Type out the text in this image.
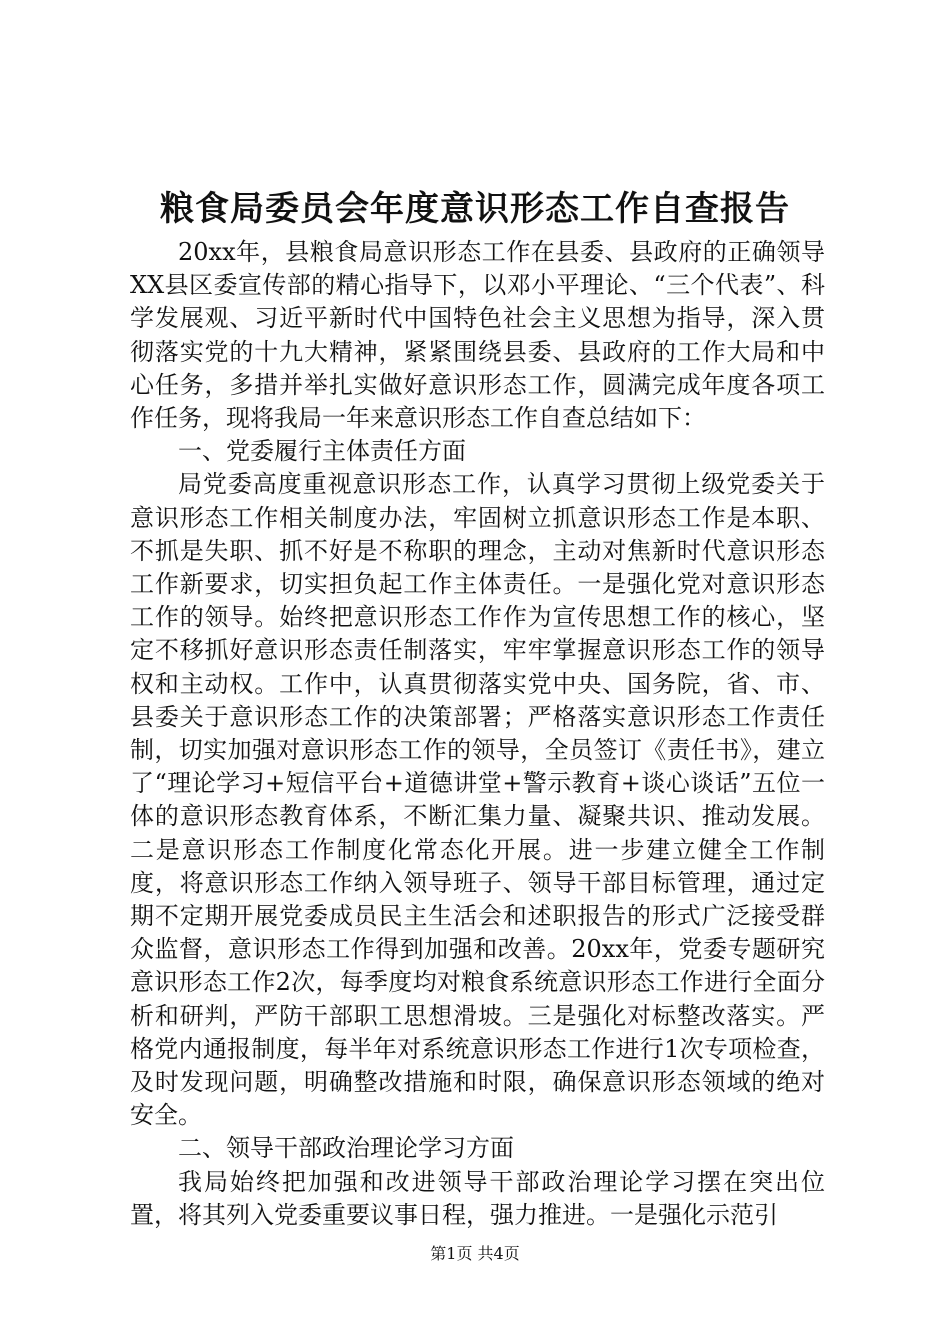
粮食局委员会年度意识形态工作自查报告

20xx年，县粮食局意识形态工作在县委、县政府的正确领导XX县区委宣传部的精心指导下，以邓小平理论、“三个代表”、科学发展观、习近平新时代中国特色社会主义思想为指导，深入贯彻落实党的十九大精神，紧紧围绕县委、县政府的工作大局和中心任务，多措并举扎实做好意识形态工作，圆满完成年度各项工作任务，现将我局一年来意识形态工作自查总结如下：

一、党委履行主体责任方面

局党委高度重视意识形态工作，认真学习贯彻上级党委关于意识形态工作相关制度办法，牢固树立抓意识形态工作是本职、不抓是失职、抓不好是不称职的理念，主动对焦新时代意识形态工作新要求，切实担负起工作主体责任。一是强化党对意识形态工作的领导。始终把意识形态工作作为宣传思想工作的核心，坚定不移抓好意识形态责任制落实，牢牢掌握意识形态工作的领导权和主动权。工作中，认真贯彻落实党中央、国务院，省、市、县委关于意识形态工作的决策部署；严格落实意识形态工作责任制，切实加强对意识形态工作的领导，全员签订《责任书》，建立了“理论学习+短信平台+道德讲堂+警示教育+谈心谈话”五位一体的意识形态教育体系，不断汇集力量、凝聚共识、推动发展。二是意识形态工作制度化常态化开展。进一步建立健全工作制度，将意识形态工作纳入领导班子、领导干部目标管理，通过定期不定期开展党委成员民主生活会和述职报告的形式广泛接受群众监督，意识形态工作得到加强和改善。20xx年，党委专题研究意识形态工作2次，每季度均对粮食系统意识形态工作进行全面分析和研判，严防干部职工思想滑坡。三是强化对标整改落实。严格党内通报制度，每半年对系统意识形态工作进行1次专项检查，及时发现问题，明确整改措施和时限，确保意识形态领域的绝对安全。

二、领导干部政治理论学习方面

我局始终把加强和改进领导干部政治理论学习摆在突出位置，将其列入党委重要议事日程，强力推进。一是强化示范引

第1页 共4页
